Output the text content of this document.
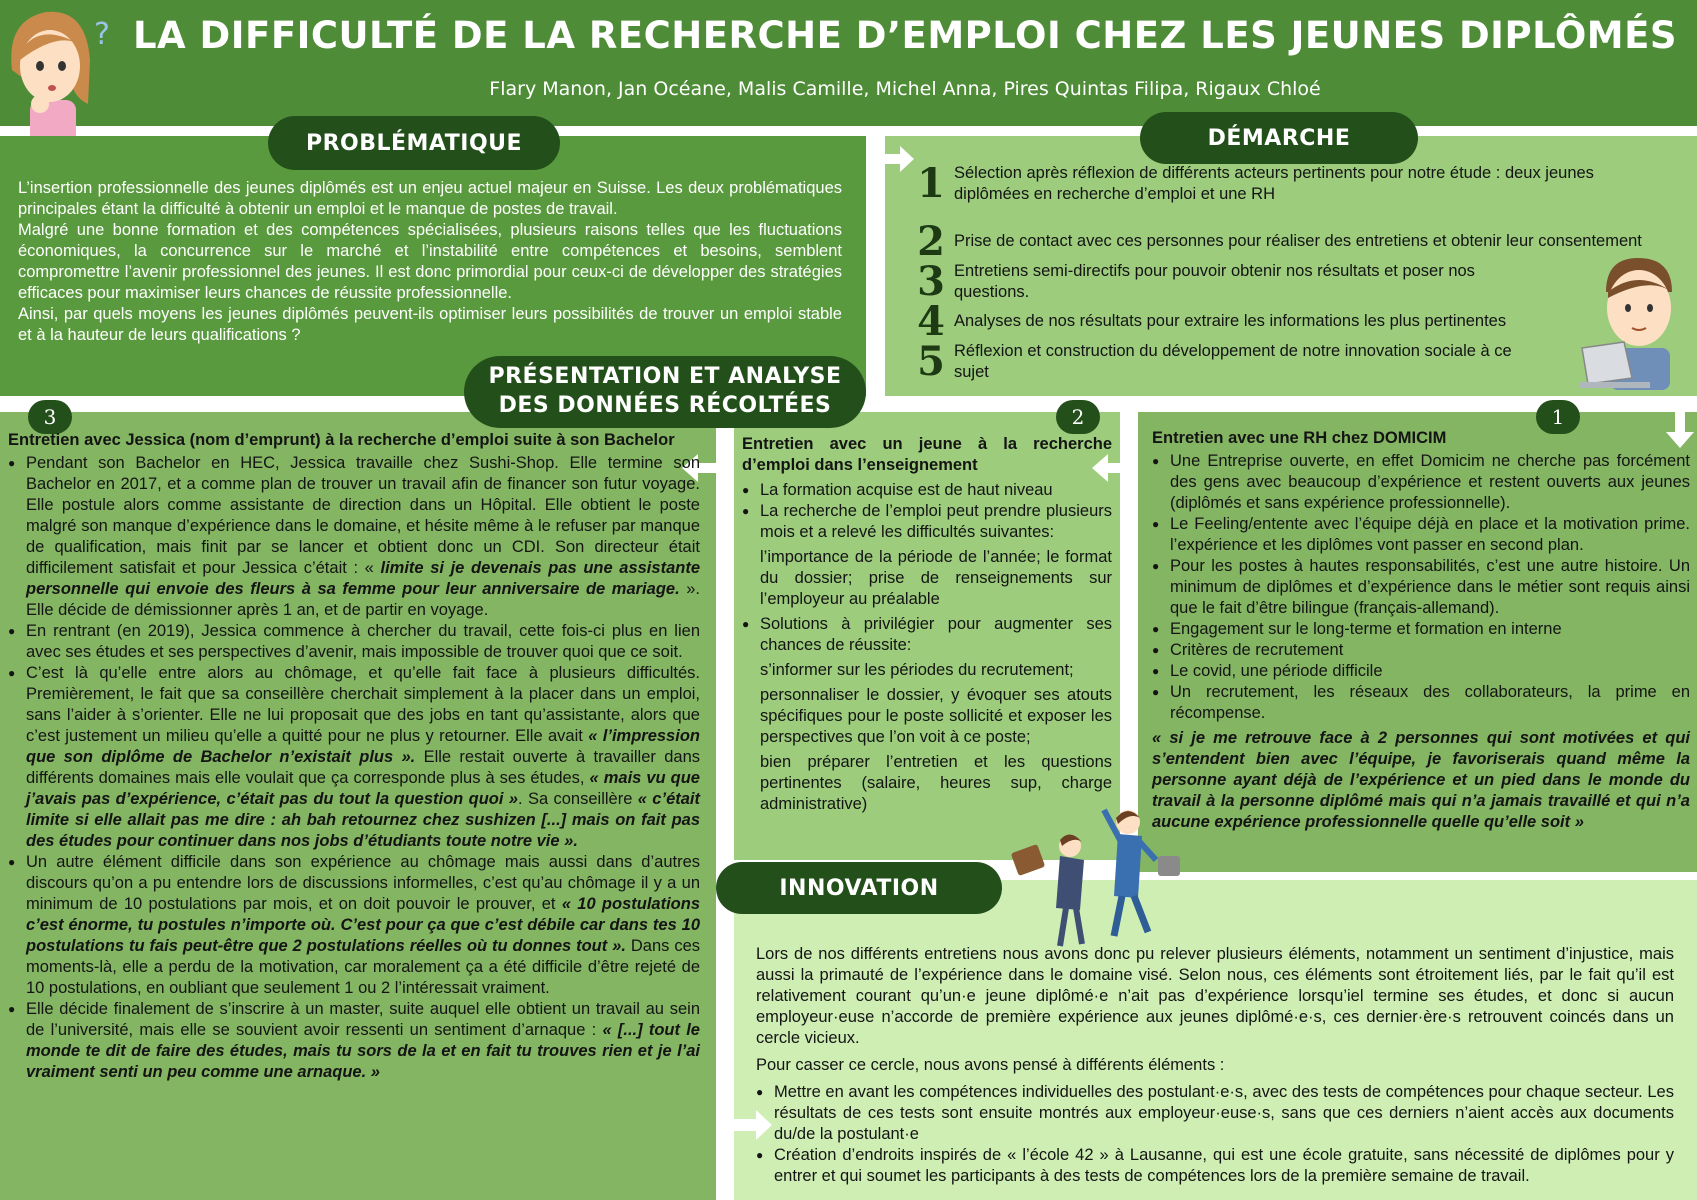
LA DIFFICULTÉ DE LA RECHERCHE D’EMPLOI CHEZ LES JEUNES DIPLÔMÉS
Flary Manon, Jan Océane, Malis Camille, Michel Anna, Pires Quintas Filipa, Rigaux Chloé
?
PROBLÉMATIQUE

L’insertion professionnelle des jeunes diplômés est un enjeu actuel majeur en Suisse. Les deux problématiques principales étant la difficulté à obtenir un emploi et le manque de postes de travail.

Malgré une bonne formation et des compétences spécialisées, plusieurs raisons telles que les fluctuations économiques, la concurrence sur le marché et l’instabilité entre compétences et besoins, semblent compromettre l’avenir professionnel des jeunes. Il est donc primordial pour ceux-ci de développer des stratégies efficaces pour maximiser leurs chances de réussite professionnelle.

Ainsi, par quels moyens les jeunes diplômés peuvent-ils optimiser leurs possibilités de trouver un emploi stable et à la hauteur de leurs qualifications ?

DÉMARCHE
1 Sélection après réflexion de différents acteurs pertinents pour notre étude : deux jeunes diplômées en recherche d’emploi et une RH
2 Prise de contact avec ces personnes pour réaliser des entretiens et obtenir leur consentement
3 Entretiens semi-directifs pour pouvoir obtenir nos résultats et poser nos questions.
4 Analyses de nos résultats pour extraire les informations les plus pertinentes
5 Réflexion et construction du développement de notre innovation sociale à ce sujet
PRÉSENTATION ET ANALYSE
DES DONNÉES RÉCOLTÉES
3
Entretien avec Jessica (nom d’emprunt) à la recherche d’emploi suite à son Bachelor
● Pendant son Bachelor en HEC, Jessica travaille chez Sushi-Shop. Elle termine son Bachelor en 2017, et a comme plan de trouver un travail afin de financer son futur voyage. Elle postule alors comme assistante de direction dans un Hôpital. Elle obtient le poste malgré son manque d’expérience dans le domaine, et hésite même à le refuser par manque de qualification, mais finit par se lancer et obtient donc un CDI. Son directeur était difficilement satisfait et pour Jessica c’était : « limite si je devenais pas une assistante personnelle qui envoie des fleurs à sa femme pour leur anniversaire de mariage. ». Elle décide de démissionner après 1 an, et de partir en voyage.
● En rentrant (en 2019), Jessica commence à chercher du travail, cette fois-ci plus en lien avec ses études et ses perspectives d’avenir, mais impossible de trouver quoi que ce soit.
● C’est là qu’elle entre alors au chômage, et qu’elle fait face à plusieurs difficultés. Premièrement, le fait que sa conseillère cherchait simplement à la placer dans un emploi, sans l’aider à s’orienter. Elle ne lui proposait que des jobs en tant qu’assistante, alors que c’est justement un milieu qu’elle a quitté pour ne plus y retourner. Elle avait « l’impression que son diplôme de Bachelor n’existait plus ». Elle restait ouverte à travailler dans différents domaines mais elle voulait que ça corresponde plus à ses études, « mais vu que j’avais pas d’expérience, c’était pas du tout la question quoi ». Sa conseillère « c’était limite si elle allait pas me dire : ah bah retournez chez sushizen [...] mais on fait pas des études pour continuer dans nos jobs d’étudiants toute notre vie ».
● Un autre élément difficile dans son expérience au chômage mais aussi dans d’autres discours qu’on a pu entendre lors de discussions informelles, c’est qu’au chômage il y a un minimum de 10 postulations par mois, et on doit pouvoir le prouver, et « 10 postulations c’est énorme, tu postules n’importe où. C’est pour ça que c’est débile car dans tes 10 postulations tu fais peut-être que 2 postulations réelles où tu donnes tout ». Dans ces moments-là, elle a perdu de la motivation, car moralement ça a été difficile d’être rejeté de 10 postulations, en oubliant que seulement 1 ou 2 l’intéressait vraiment.
● Elle décide finalement de s’inscrire à un master, suite auquel elle obtient un travail au sein de l’université, mais elle se souvient avoir ressenti un sentiment d’arnaque : « [...] tout le monde te dit de faire des études, mais tu sors de la et en fait tu trouves rien et je l’ai vraiment senti un peu comme une arnaque. »
2
Entretien avec un jeune à la recherche d’emploi dans l’enseignement
● La formation acquise est de haut niveau
● La recherche de l’emploi peut prendre plusieurs mois et a relevé les difficultés suivantes:
l’importance de la période de l’année; le format du dossier; prise de renseignements sur l’employeur au préalable
● Solutions à privilégier pour augmenter ses chances de réussite:
s’informer sur les périodes du recrutement;
personnaliser le dossier, y évoquer ses atouts spécifiques pour le poste sollicité et exposer les perspectives que l’on voit à ce poste;
bien préparer l’entretien et les questions pertinentes (salaire, heures sup, charge administrative)
1
Entretien avec une RH chez DOMICIM
● Une Entreprise ouverte, en effet Domicim ne cherche pas forcément des gens avec beaucoup d’expérience et restent ouverts aux jeunes (diplômés et sans expérience professionnelle).
● Le Feeling/entente avec l’équipe déjà en place et la motivation prime. l’expérience et les diplômes vont passer en second plan.
● Pour les postes à hautes responsabilités, c’est une autre histoire. Un minimum de diplômes et d’expérience dans le métier sont requis ainsi que le fait d’être bilingue (français-allemand).
● Engagement sur le long-terme et formation en interne
● Critères de recrutement
● Le covid, une période difficile
● Un recrutement, les réseaux des collaborateurs, la prime en récompense.

« si je me retrouve face à 2 personnes qui sont motivées et qui s’entendent bien avec l’équipe, je favoriserais quand même la personne ayant déjà de l’expérience et un pied dans le monde du travail à la personne diplômé mais qui n’a jamais travaillé et qui n’a aucune expérience professionnelle quelle qu’elle soit »

INNOVATION

Lors de nos différents entretiens nous avons donc pu relever plusieurs éléments, notamment un sentiment d’injustice, mais aussi la primauté de l’expérience dans le domaine visé. Selon nous, ces éléments sont étroitement liés, par le fait qu’il est relativement courant qu’un·e jeune diplômé·e n’ait pas d’expérience lorsqu’iel termine ses études, et donc si aucun employeur·euse n’accorde de première expérience aux jeunes diplômé·e·s, ces dernier·ère·s retrouvent coincés dans un cercle vicieux.

Pour casser ce cercle, nous avons pensé à différents éléments :

● Mettre en avant les compétences individuelles des postulant·e·s, avec des tests de compétences pour chaque secteur. Les résultats de ces tests sont ensuite montrés aux employeur·euse·s, sans que ces derniers n’aient accès aux documents du/de la postulant·e
● Création d’endroits inspirés de « l’école 42 » à Lausanne, qui est une école gratuite, sans nécessité de diplômes pour y entrer et qui soumet les participants à des tests de compétences lors de la première semaine de travail.
